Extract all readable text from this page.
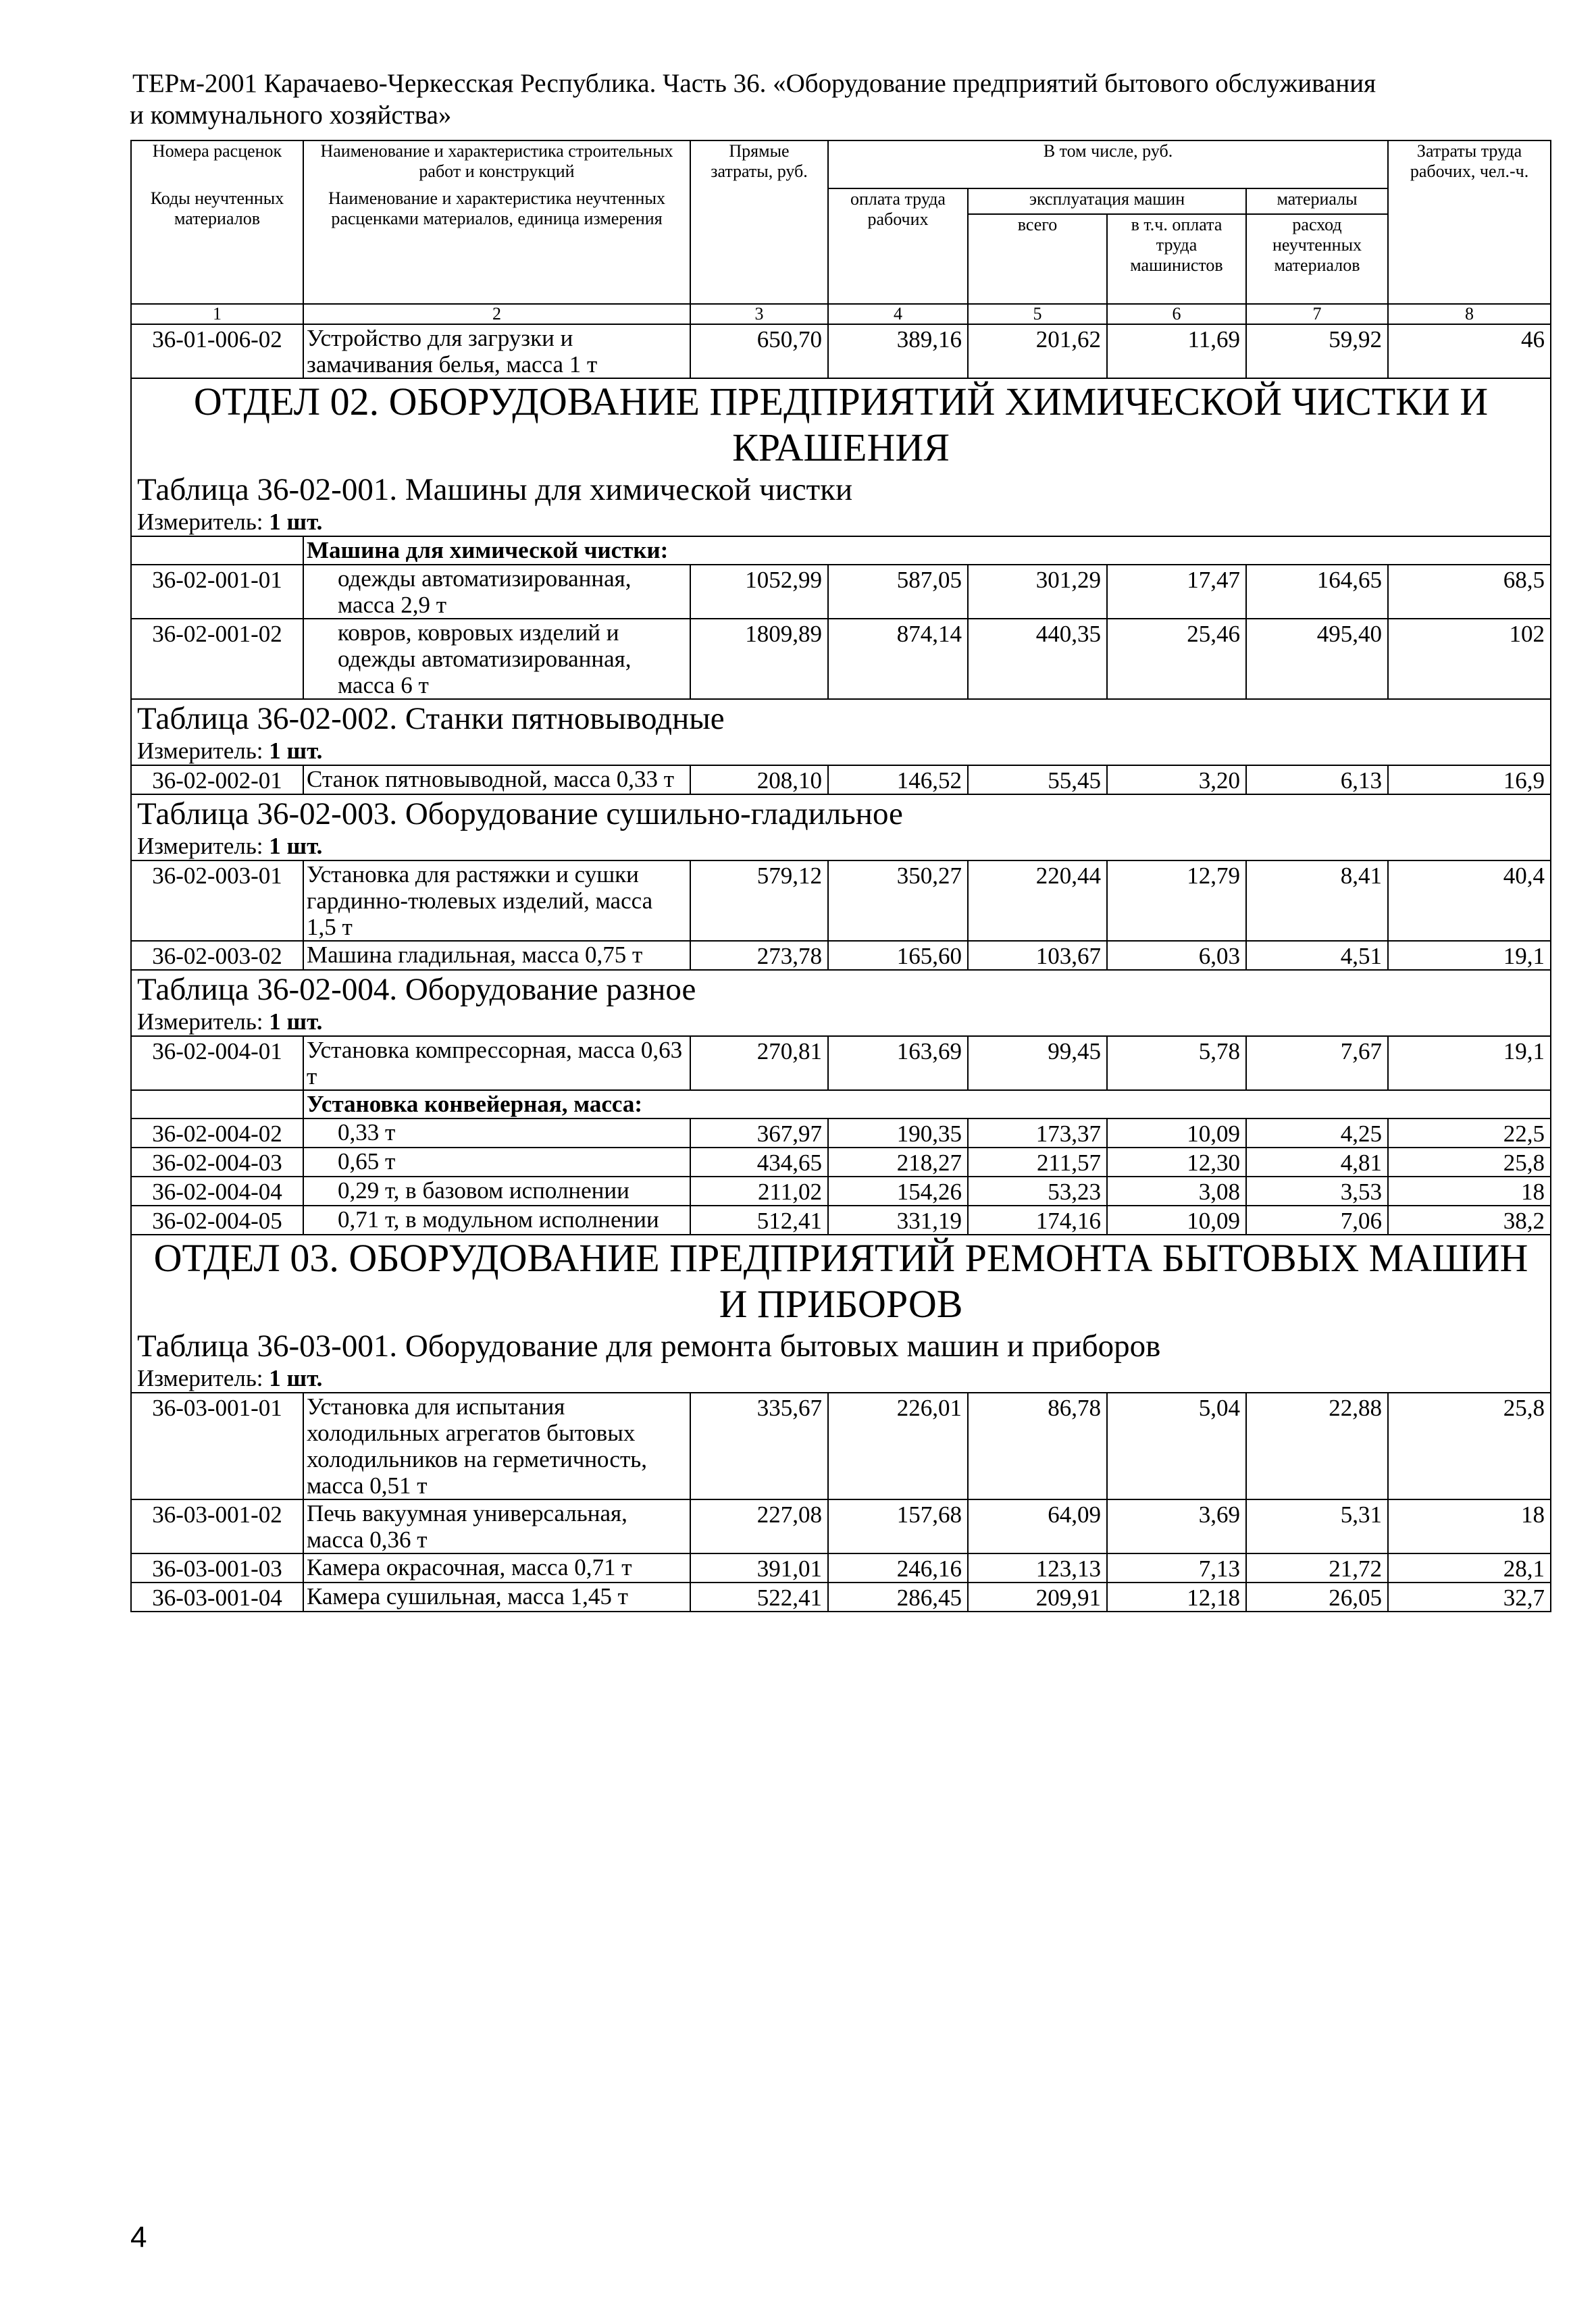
ТЕРм-2001 Карачаево-Черкесская Республика. Часть 36. «Оборудование предприятий бытового обслуживания
и коммунального хозяйства»
Номера расценок	Наименование и характеристика строительных работ и конструкций	Прямые затраты, руб.	В том числе, руб.				Затраты труда рабочих, чел.-ч.
Коды неучтенных материалов	Наименование и характеристика неучтенных расценками материалов, единица измерения		оплата труда рабочих	эксплуатация машин		материалы	
				всего	в т.ч. оплата труда машинистов	расход неучтенных материалов	
1	2	3	4	5	6	7	8
36-01-006-02	Устройство для загрузки и замачивания белья, масса 1 т	650,70	389,16	201,62	11,69	59,92	46
ОТДЕЛ 02. ОБОРУДОВАНИЕ ПРЕДПРИЯТИЙ ХИМИЧЕСКОЙ ЧИСТКИ И КРАШЕНИЯ							
Таблица 36-02-001. Машины для химической чистки							
Измеритель: 1 шт.							
	Машина для химической чистки:						
36-02-001-01	одежды автоматизированная, масса 2,9 т	1052,99	587,05	301,29	17,47	164,65	68,5
36-02-001-02	ковров, ковровых изделий и одежды автоматизированная, масса 6 т	1809,89	874,14	440,35	25,46	495,40	102
Таблица 36-02-002. Станки пятновыводные							
Измеритель: 1 шт.							
36-02-002-01	Станок пятновыводной, масса 0,33 т	208,10	146,52	55,45	3,20	6,13	16,9
Таблица 36-02-003. Оборудование сушильно-гладильное							
Измеритель: 1 шт.							
36-02-003-01	Установка для растяжки и сушки гардинно-тюлевых изделий, масса 1,5 т	579,12	350,27	220,44	12,79	8,41	40,4
36-02-003-02	Машина гладильная, масса 0,75 т	273,78	165,60	103,67	6,03	4,51	19,1
Таблица 36-02-004. Оборудование разное							
Измеритель: 1 шт.							
36-02-004-01	Установка компрессорная, масса 0,63 т	270,81	163,69	99,45	5,78	7,67	19,1
	Установка конвейерная, масса:						
36-02-004-02	0,33 т	367,97	190,35	173,37	10,09	4,25	22,5
36-02-004-03	0,65 т	434,65	218,27	211,57	12,30	4,81	25,8
36-02-004-04	0,29 т, в базовом исполнении	211,02	154,26	53,23	3,08	3,53	18
36-02-004-05	0,71 т, в модульном исполнении	512,41	331,19	174,16	10,09	7,06	38,2
ОТДЕЛ 03. ОБОРУДОВАНИЕ ПРЕДПРИЯТИЙ РЕМОНТА БЫТОВЫХ МАШИН И ПРИБОРОВ							
Таблица 36-03-001. Оборудование для ремонта бытовых машин и приборов							
Измеритель: 1 шт.							
36-03-001-01	Установка для испытания холодильных агрегатов бытовых холодильников на герметичность, масса 0,51 т	335,67	226,01	86,78	5,04	22,88	25,8
36-03-001-02	Печь вакуумная универсальная, масса 0,36 т	227,08	157,68	64,09	3,69	5,31	18
36-03-001-03	Камера окрасочная, масса 0,71 т	391,01	246,16	123,13	7,13	21,72	28,1
36-03-001-04	Камера сушильная, масса 1,45 т	522,41	286,45	209,91	12,18	26,05	32,7
4
